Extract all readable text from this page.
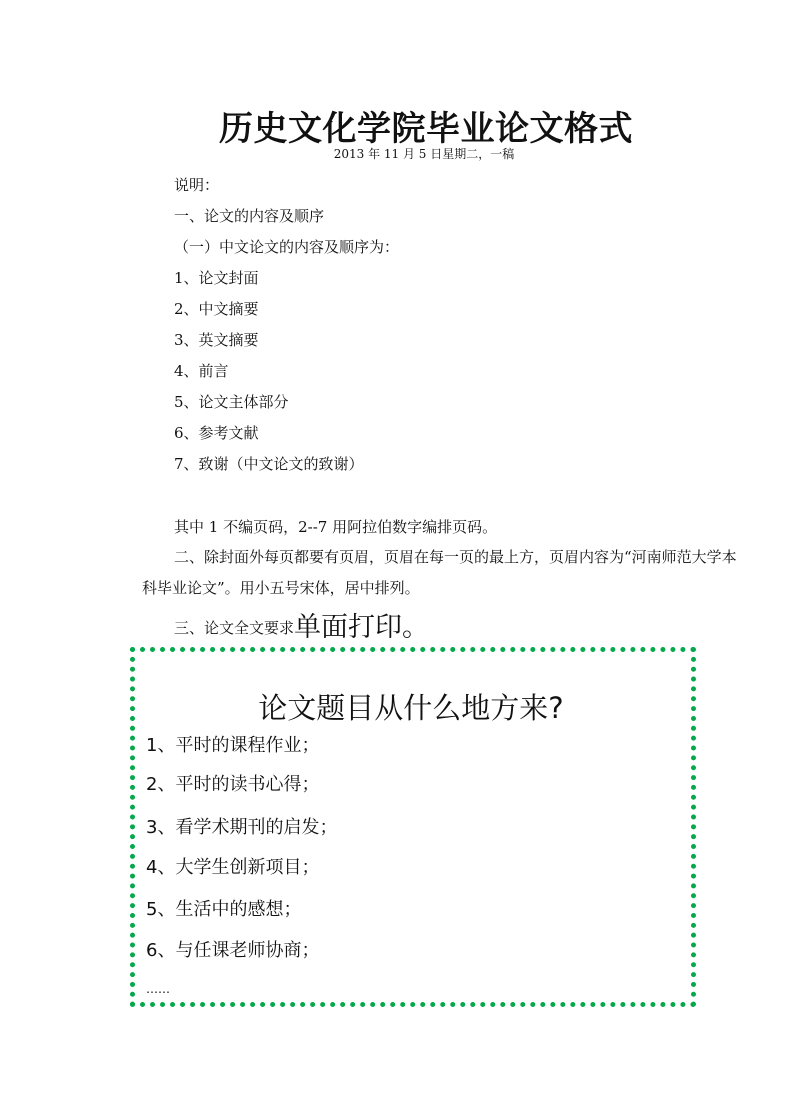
历史文化学院毕业论文格式
2013 年 11 月 5 日星期二，一稿
说明：
一、论文的内容及顺序
（一）中文论文的内容及顺序为：
1、论文封面
2、中文摘要
3、英文摘要
4、前言
5、论文主体部分
6、参考文献
7、致谢（中文论文的致谢）
其中 1 不编页码，2--7 用阿拉伯数字编排页码。
二、除封面外每页都要有页眉，页眉在每一页的最上方，页眉内容为“河南师范大学本科毕业论文”。用小五号宋体，居中排列。
三、论文全文要求单面打印。
论文题目从什么地方来?
1、平时的课程作业；
2、平时的读书心得；
3、看学术期刊的启发；
4、大学生创新项目；
5、生活中的感想；
6、与任课老师协商；
……
